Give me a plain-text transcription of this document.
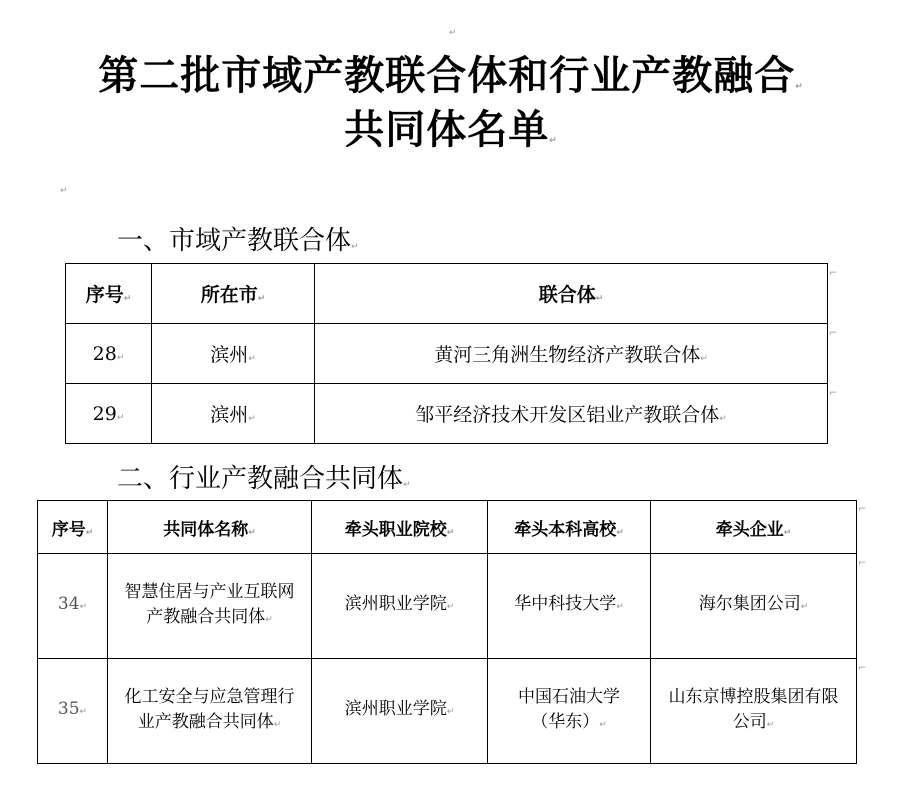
↵
第二批市域产教联合体和行业产教融合↵
共同体名单↵
↵
一、市域产教联合体↵
序号↵	所在市↵	联合体↵
28↵	滨州↵	黄河三角洲生物经济产教联合体↵
29↵	滨州↵	邹平经济技术开发区铝业产教联合体↵
二、行业产教融合共同体↵
序号↵	共同体名称↵	牵头职业院校↵	牵头本科高校↵	牵头企业↵
34↵	智慧住居与产业互联网产教融合共同体↵	滨州职业学院↵	华中科技大学↵	海尔集团公司↵
35↵	化工安全与应急管理行业产教融合共同体↵	滨州职业学院↵	中国石油大学（华东）↵	山东京博控股集团有限公司↵
⌐
⌐
⌐
⌐
⌐
⌐
